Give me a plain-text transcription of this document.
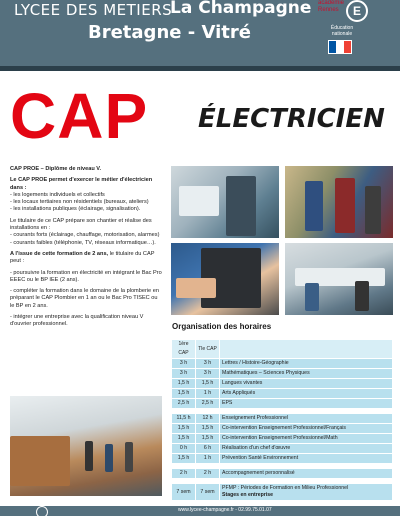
LYCEE DES METIERS
La Champagne
Bretagne - Vitré
académie
Rennes	E
Éducation
nationale
CAP ÉLECTRICIEN

CAP PROE – Diplôme de niveau V.

Le CAP PROE permet d'exercer le métier d'électricien dans :

- les logements individuels et collectifs
- les locaux tertiaires non résidentiels (bureaux, ateliers)
- les installations publiques (éclairage, signalisation).

Le titulaire de ce CAP prépare son chantier et réalise des installations en :

- courants forts (éclairage, chauffage, motorisation, alarmes)
- courants faibles (téléphonie, TV, réseaux informatique…).

A l'issue de cette formation de 2 ans, le titulaire du CAP peut :

- poursuivre la formation en électricité en intégrant le Bac Pro EEEC ou le BP IEE (2 ans).

- compléter la formation dans le domaine de la plomberie en préparant le CAP Plombier en 1 an ou le Bac Pro TISEC ou le BP en 2 ans.

- intégrer une entreprise avec la qualification niveau V d'ouvrier professionnel.	Organisation des horaires
1ère CAP	Tle CAP	
3 h	3 h	Lettres / Histoire-Géographie
3 h	3 h	Mathématiques – Sciences Physiques
1,5 h	1,5 h	Langues vivantes
1,5 h	1 h	Arts Appliqués
2,5 h	2,5 h	EPS

11,5 h	12 h	Enseignement Professionnel
1,5 h	1,5 h	Co-intervention Enseignement Professionnel/Français
1,5 h	1,5 h	Co-intervention Enseignement Professionnel/Math
0 h	6 h	Réalisation d'un chef d'œuvre
1,5 h	1 h	Prévention Santé Environnement

2 h	2 h	Accompagnement personnalisé

7 sem	7 sem	PFMP : Périodes de Formation en Milieu Professionnel
Stages en entreprise
www.lycee-champagne.fr - 02.99.75.01.07
